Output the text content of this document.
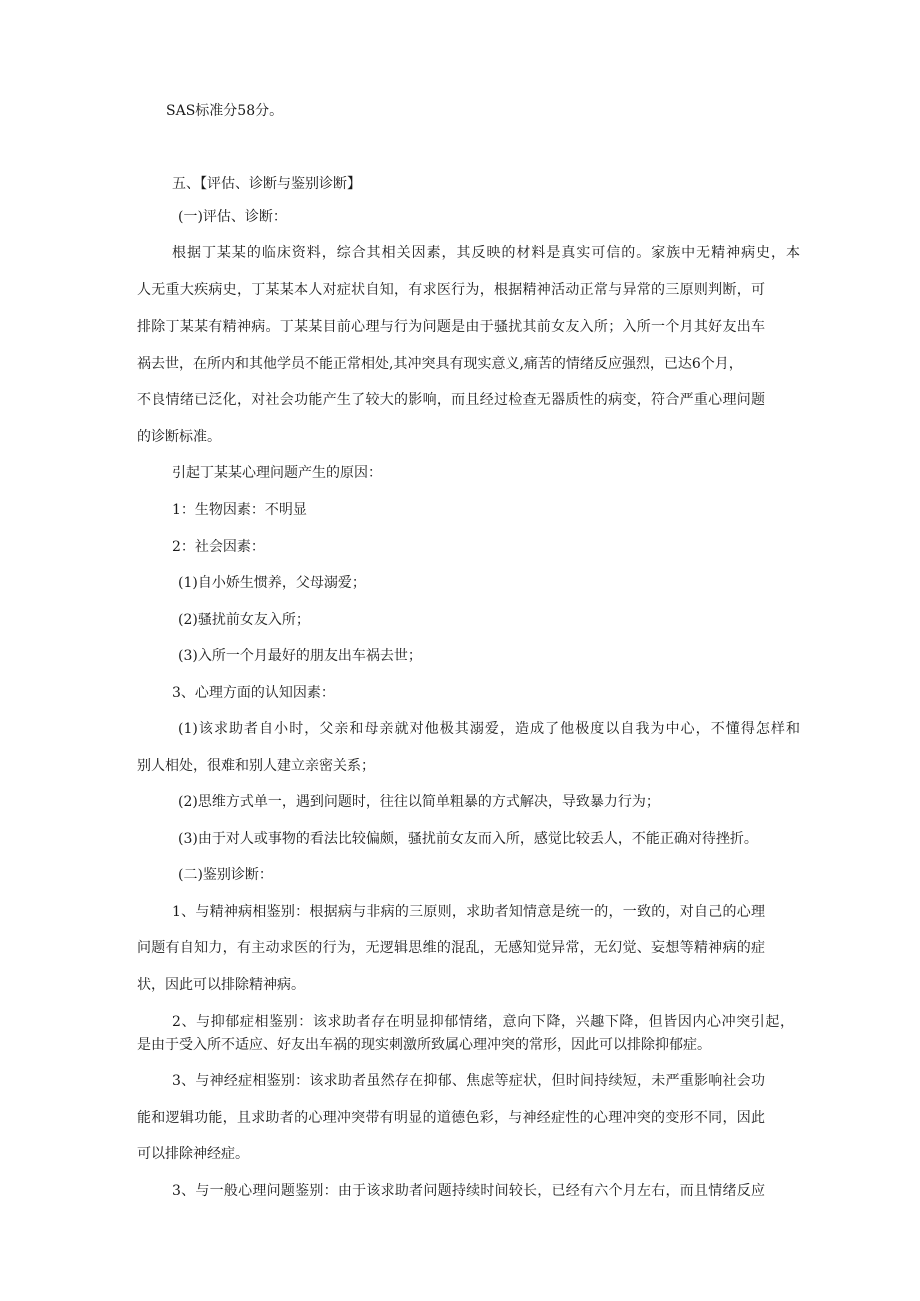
SAS标准分58分。
五、【评估、诊断与鉴别诊断】
(一)评估、诊断：
根据丁某某的临床资料，综合其相关因素，其反映的材料是真实可信的。家族中无精神病史，本
人无重大疾病史，丁某某本人对症状自知，有求医行为，根据精神活动正常与异常的三原则判断，可
排除丁某某有精神病。丁某某目前心理与行为问题是由于骚扰其前女友入所；入所一个月其好友出车
祸去世，在所内和其他学员不能正常相处,其冲突具有现实意义,痛苦的情绪反应强烈，已达6个月，
不良情绪已泛化，对社会功能产生了较大的影响，而且经过检查无器质性的病变，符合严重心理问题
的诊断标准。
引起丁某某心理问题产生的原因：
1：生物因素：不明显
2：社会因素：
(1)自小娇生惯养，父母溺爱；
(2)骚扰前女友入所；
(3)入所一个月最好的朋友出车祸去世；
3、心理方面的认知因素：
(1)该求助者自小时，父亲和母亲就对他极其溺爱，造成了他极度以自我为中心，不懂得怎样和
别人相处，很难和别人建立亲密关系；
(2)思维方式单一，遇到问题时，往往以简单粗暴的方式解决，导致暴力行为；
(3)由于对人或事物的看法比较偏颇，骚扰前女友而入所，感觉比较丢人，不能正确对待挫折。
(二)鉴别诊断：
1、与精神病相鉴别：根据病与非病的三原则，求助者知情意是统一的，一致的，对自己的心理
问题有自知力，有主动求医的行为，无逻辑思维的混乱，无感知觉异常，无幻觉、妄想等精神病的症
状，因此可以排除精神病。
2、与抑郁症相鉴别：该求助者存在明显抑郁情绪，意向下降，兴趣下降，但皆因内心冲突引起，
是由于受入所不适应、好友出车祸的现实刺激所致属心理冲突的常形，因此可以排除抑郁症。
3、与神经症相鉴别：该求助者虽然存在抑郁、焦虑等症状，但时间持续短，未严重影响社会功
能和逻辑功能，且求助者的心理冲突带有明显的道德色彩，与神经症性的心理冲突的变形不同，因此
可以排除神经症。
3、与一般心理问题鉴别：由于该求助者问题持续时间较长，已经有六个月左右，而且情绪反应
